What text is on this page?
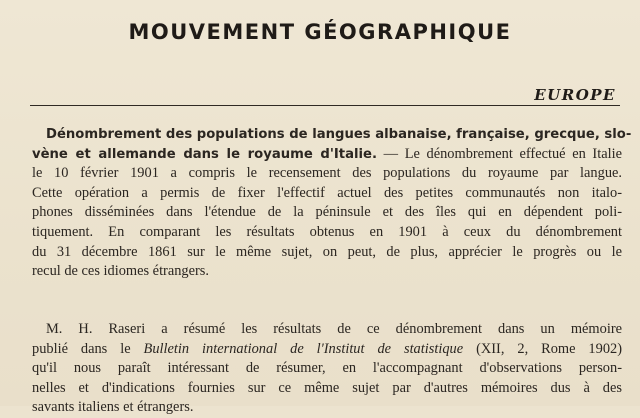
MOUVEMENT GÉOGRAPHIQUE
EUROPE
Dénombrement des populations de langues albanaise, française, grecque, slo-
vène et allemande dans le royaume d'Italie. — Le dénombrement effectué en Italie
le 10 février 1901 a compris le recensement des populations du royaume par langue.
Cette opération a permis de fixer l'effectif actuel des petites communautés non italo-
phones disséminées dans l'étendue de la péninsule et des îles qui en dépendent poli-
tiquement. En comparant les résultats obtenus en 1901 à ceux du dénombrement
du 31 décembre 1861 sur le même sujet, on peut, de plus, apprécier le progrès ou le
recul de ces idiomes étrangers.
M. H. Raseri a résumé les résultats de ce dénombrement dans un mémoire
publié dans le Bulletin international de l'Institut de statistique (XII, 2, Rome 1902)
qu'il nous paraît intéressant de résumer, en l'accompagnant d'observations person-
nelles et d'indications fournies sur ce même sujet par d'autres mémoires dus à des
savants italiens et étrangers.
